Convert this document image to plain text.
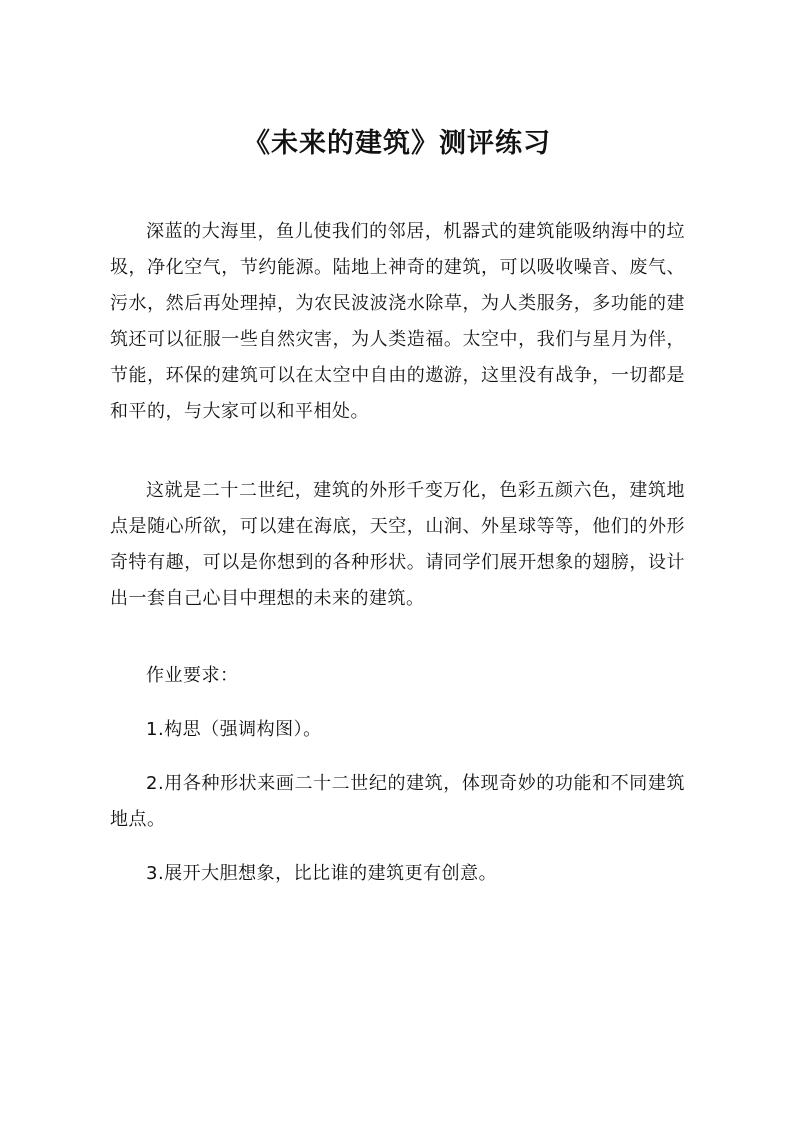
《未来的建筑》测评练习

深蓝的大海里，鱼儿使我们的邻居，机器式的建筑能吸纳海中的垃圾，净化空气，节约能源。陆地上神奇的建筑，可以吸收噪音、废气、污水，然后再处理掉，为农民波波浇水除草，为人类服务，多功能的建筑还可以征服一些自然灾害，为人类造福。太空中，我们与星月为伴，节能，环保的建筑可以在太空中自由的遨游，这里没有战争，一切都是和平的，与大家可以和平相处。

这就是二十二世纪，建筑的外形千变万化，色彩五颜六色，建筑地点是随心所欲，可以建在海底，天空，山涧、外星球等等，他们的外形奇特有趣，可以是你想到的各种形状。请同学们展开想象的翅膀，设计出一套自己心目中理想的未来的建筑。

作业要求：

1.构思（强调构图）。

2.用各种形状来画二十二世纪的建筑，体现奇妙的功能和不同建筑地点。

3.展开大胆想象，比比谁的建筑更有创意。
